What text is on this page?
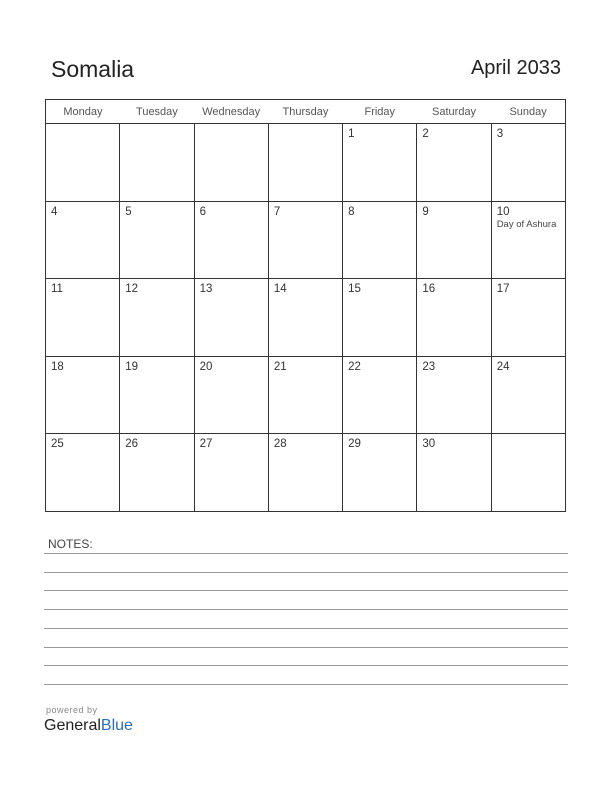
Somalia	April 2033
Monday	Tuesday	Wednesday	Thursday	Friday	Saturday	Sunday

				1	2	3

4	5	6	7	8	9	10
Day of Ashura

11	12	13	14	15	16	17

18	19	20	21	22	23	24

25	26	27	28	29	30	

NOTES:
powered by
GeneralBlue
